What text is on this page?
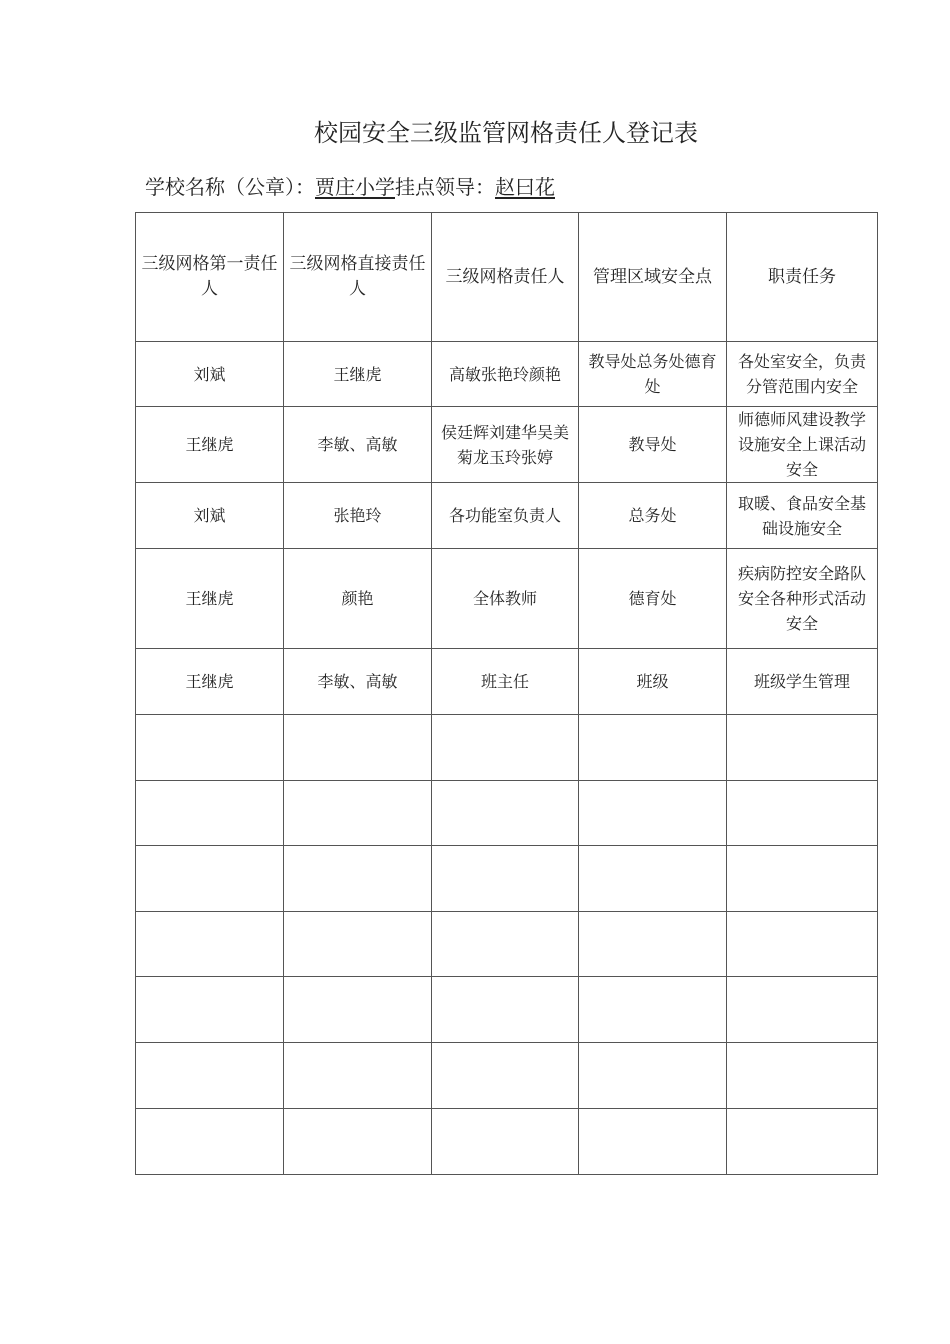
校园安全三级监管网格责任人登记表
学校名称（公章）：贾庄小学挂点领导：赵曰花
三级网格第一责任人	三级网格直接责任人	三级网格责任人	管理区域安全点	职责任务
刘斌	王继虎	高敏张艳玲颜艳	教导处总务处德育处	各处室安全，负责分管范围内安全
王继虎	李敏、高敏	侯廷辉刘建华吴美菊龙玉玲张婷	教导处	师德师风建设教学设施安全上课活动安全
刘斌	张艳玲	各功能室负责人	总务处	取暖、食品安全基础设施安全
王继虎	颜艳	全体教师	德育处	疾病防控安全路队安全各种形式活动安全
王继虎	李敏、高敏	班主任	班级	班级学生管理
